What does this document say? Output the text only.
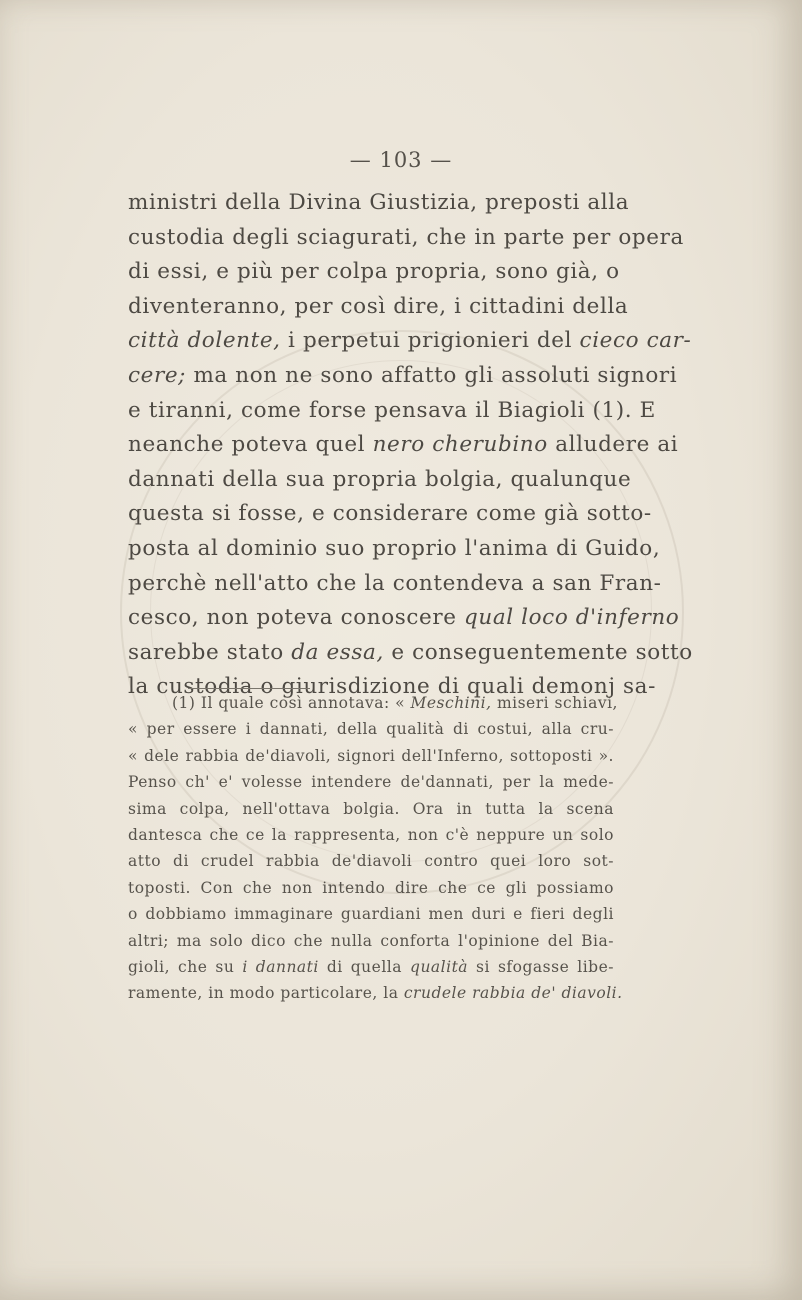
— 103 —
ministri della Divina Giustizia, preposti alla
custodia degli sciagurati, che in parte per opera
di essi, e più per colpa propria, sono già, o
diventeranno, per così dire, i cittadini della
città dolente, i perpetui prigionieri del cieco car-
cere; ma non ne sono affatto gli assoluti signori
e tiranni, come forse pensava il Biagioli (1). E
neanche poteva quel nero cherubino alludere ai
dannati della sua propria bolgia, qualunque
questa si fosse, e considerare come già sotto-
posta al dominio suo proprio l'anima di Guido,
perchè nell'atto che la contendeva a san Fran-
cesco, non poteva conoscere qual loco d'inferno
sarebbe stato da essa, e conseguentemente sotto
la custodia o giurisdizione di quali demonj sa-
(1) Il quale così annotava: « Meschini, miseri schiavi,
« per essere i dannati, della qualità di costui, alla cru-
« dele rabbia de'diavoli, signori dell'Inferno, sottoposti ».
Penso ch' e' volesse intendere de'dannati, per la mede-
sima colpa, nell'ottava bolgia. Ora in tutta la scena
dantesca che ce la rappresenta, non c'è neppure un solo
atto di crudel rabbia de'diavoli contro quei loro sot-
toposti. Con che non intendo dire che ce gli possiamo
o dobbiamo immaginare guardiani men duri e fieri degli
altri; ma solo dico che nulla conforta l'opinione del Bia-
gioli, che su i dannati di quella qualità si sfogasse libe-
ramente, in modo particolare, la crudele rabbia de' diavoli.
